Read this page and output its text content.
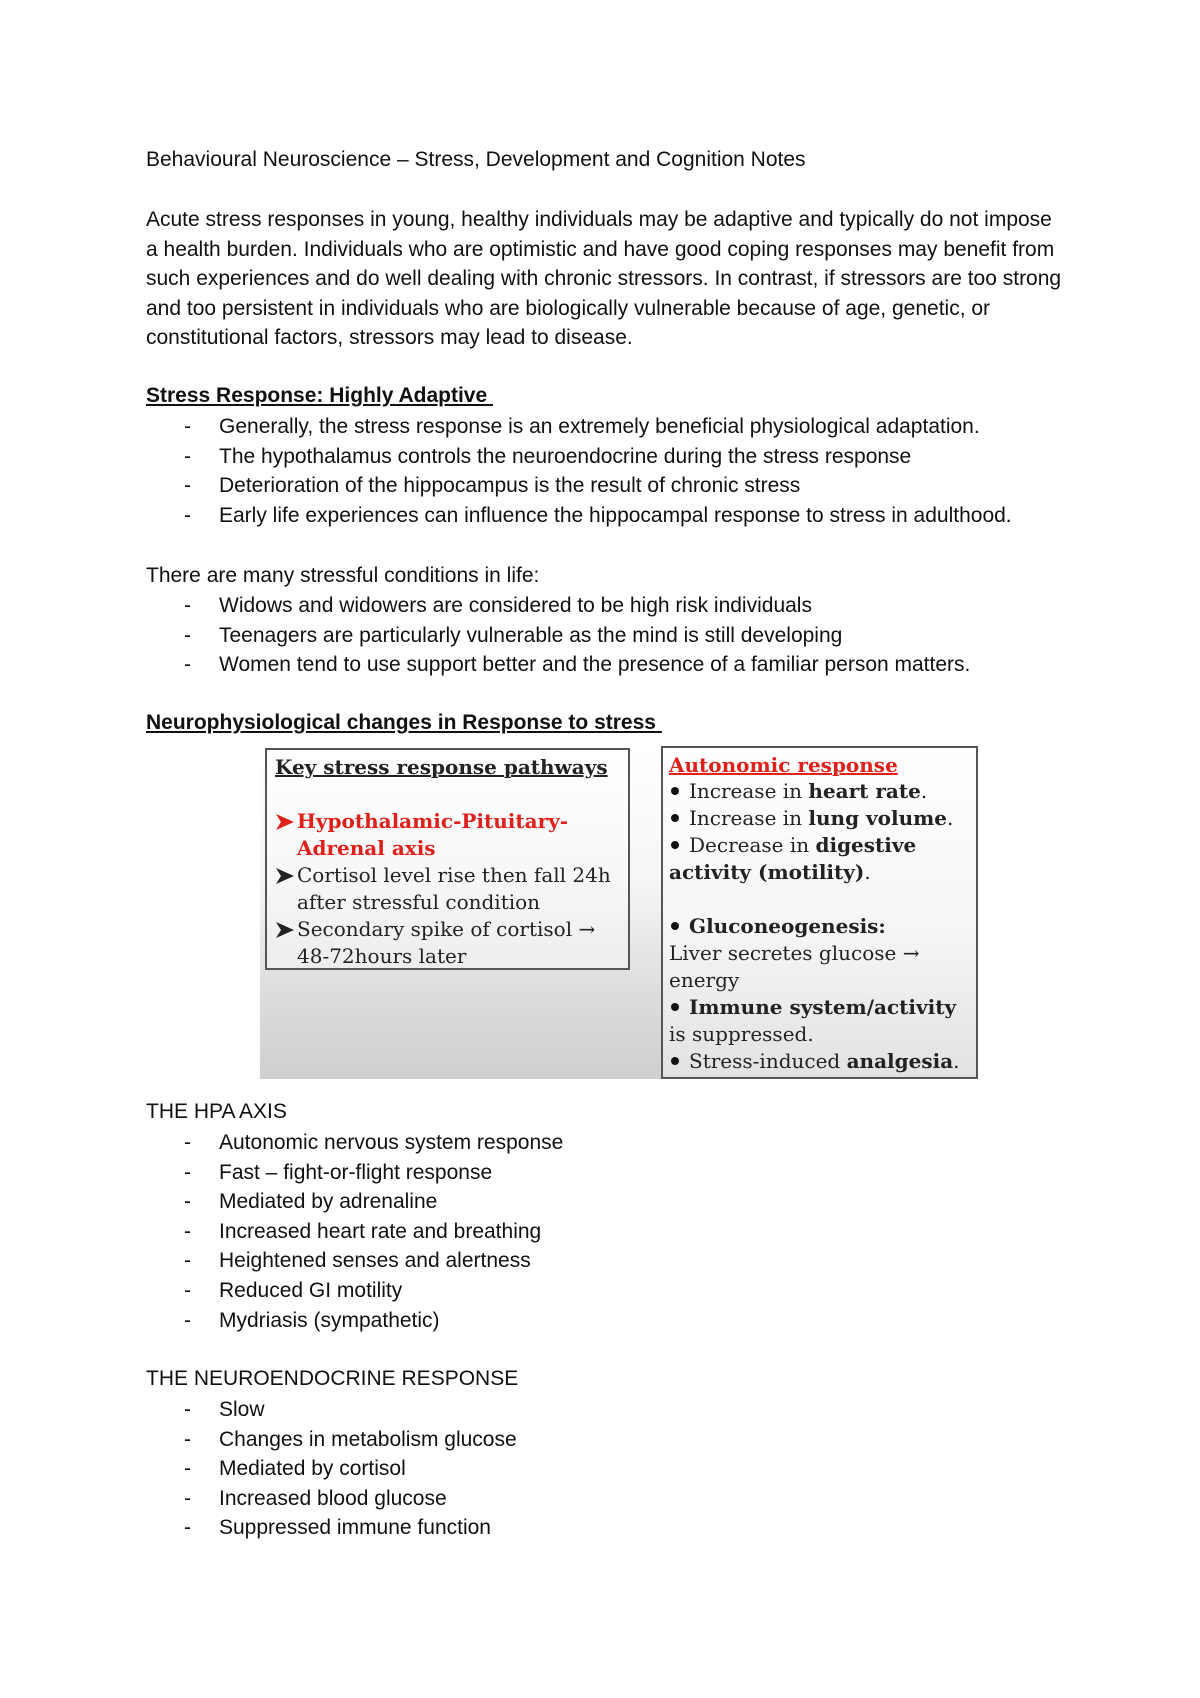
Behavioural Neuroscience – Stress, Development and Cognition Notes

Acute stress responses in young, healthy individuals may be adaptive and typically do not impose a health burden. Individuals who are optimistic and have good coping responses may benefit from such experiences and do well dealing with chronic stressors. In contrast, if stressors are too strong and too persistent in individuals who are biologically vulnerable because of age, genetic, or constitutional factors, stressors may lead to disease.

Stress Response: Highly Adaptive
- Generally, the stress response is an extremely beneficial physiological adaptation.
- The hypothalamus controls the neuroendocrine during the stress response
- Deterioration of the hippocampus is the result of chronic stress
- Early life experiences can influence the hippocampal response to stress in adulthood.
There are many stressful conditions in life:
- Widows and widowers are considered to be high risk individuals
- Teenagers are particularly vulnerable as the mind is still developing
- Women tend to use support better and the presence of a familiar person matters.
Neurophysiological changes in Response to stress
Key stress response pathways
Hypothalamic-Pituitary-
Adrenal axis
Cortisol level rise then fall 24h
after stressful condition
Secondary spike of cortisol →
48-72hours later
Autonomic response
Increase in heart rate.
Increase in lung volume.
Decrease in digestive
activity (motility).
Gluconeogenesis:
Liver secretes glucose →
energy
Immune system/activity
is suppressed.
Stress-induced analgesia.
THE HPA AXIS
- Autonomic nervous system response
- Fast – fight-or-flight response
- Mediated by adrenaline
- Increased heart rate and breathing
- Heightened senses and alertness
- Reduced GI motility
- Mydriasis (sympathetic)
THE NEUROENDOCRINE RESPONSE
- Slow
- Changes in metabolism glucose
- Mediated by cortisol
- Increased blood glucose
- Suppressed immune function
